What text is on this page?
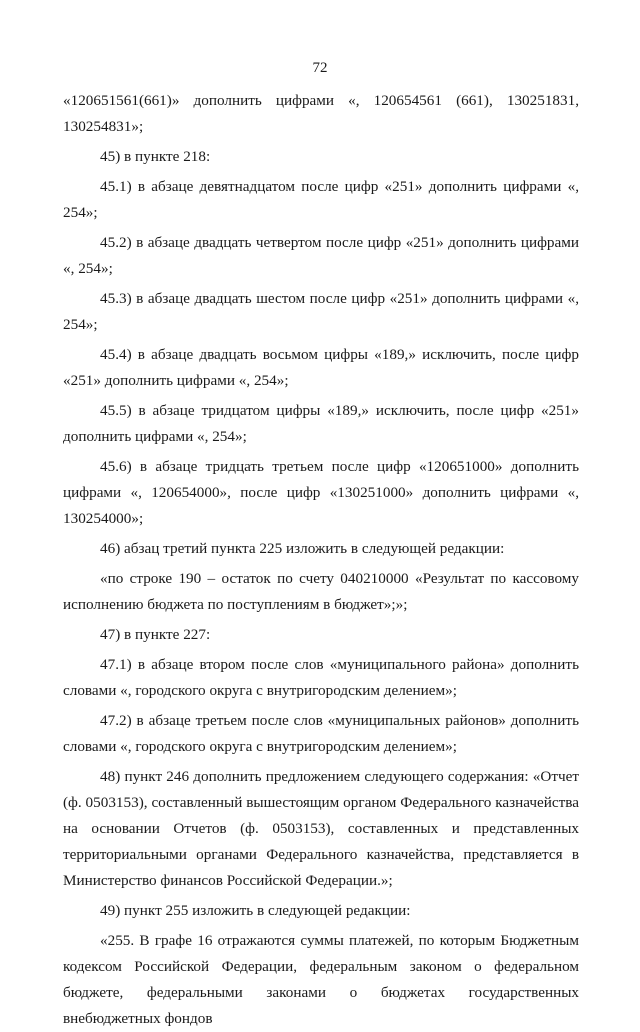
72

«120651561(661)» дополнить цифрами «, 120654561 (661), 130251831, 130254831»;

45) в пункте 218:

45.1) в абзаце девятнадцатом после цифр «251» дополнить цифрами «, 254»;

45.2) в абзаце двадцать четвертом после цифр «251» дополнить цифрами «, 254»;

45.3) в абзаце двадцать шестом после цифр «251» дополнить цифрами «, 254»;

45.4) в абзаце двадцать восьмом цифры «189,» исключить, после цифр «251» дополнить цифрами «, 254»;

45.5) в абзаце тридцатом цифры «189,» исключить, после цифр «251» дополнить цифрами «, 254»;

45.6) в абзаце тридцать третьем после цифр «120651000» дополнить цифрами «, 120654000», после цифр «130251000» дополнить цифрами «, 130254000»;

46) абзац третий пункта 225 изложить в следующей редакции:

«по строке 190 – остаток по счету 040210000 «Результат по кассовому исполнению бюджета по поступлениям в бюджет»;»;

47) в пункте 227:

47.1) в абзаце втором после слов «муниципального района» дополнить словами «, городского округа с внутригородским делением»;

47.2) в абзаце третьем после слов «муниципальных районов» дополнить словами «, городского округа с внутригородским делением»;

48) пункт 246 дополнить предложением следующего содержания: «Отчет (ф. 0503153), составленный вышестоящим органом Федерального казначейства на основании Отчетов (ф. 0503153), составленных и представленных территориальными органами Федерального казначейства, представляется в Министерство финансов Российской Федерации.»;

49) пункт 255 изложить в следующей редакции:

«255. В графе 16 отражаются суммы платежей, по которым Бюджетным кодексом Российской Федерации, федеральным законом о федеральном бюджете, федеральными законами о бюджетах государственных внебюджетных фондов
